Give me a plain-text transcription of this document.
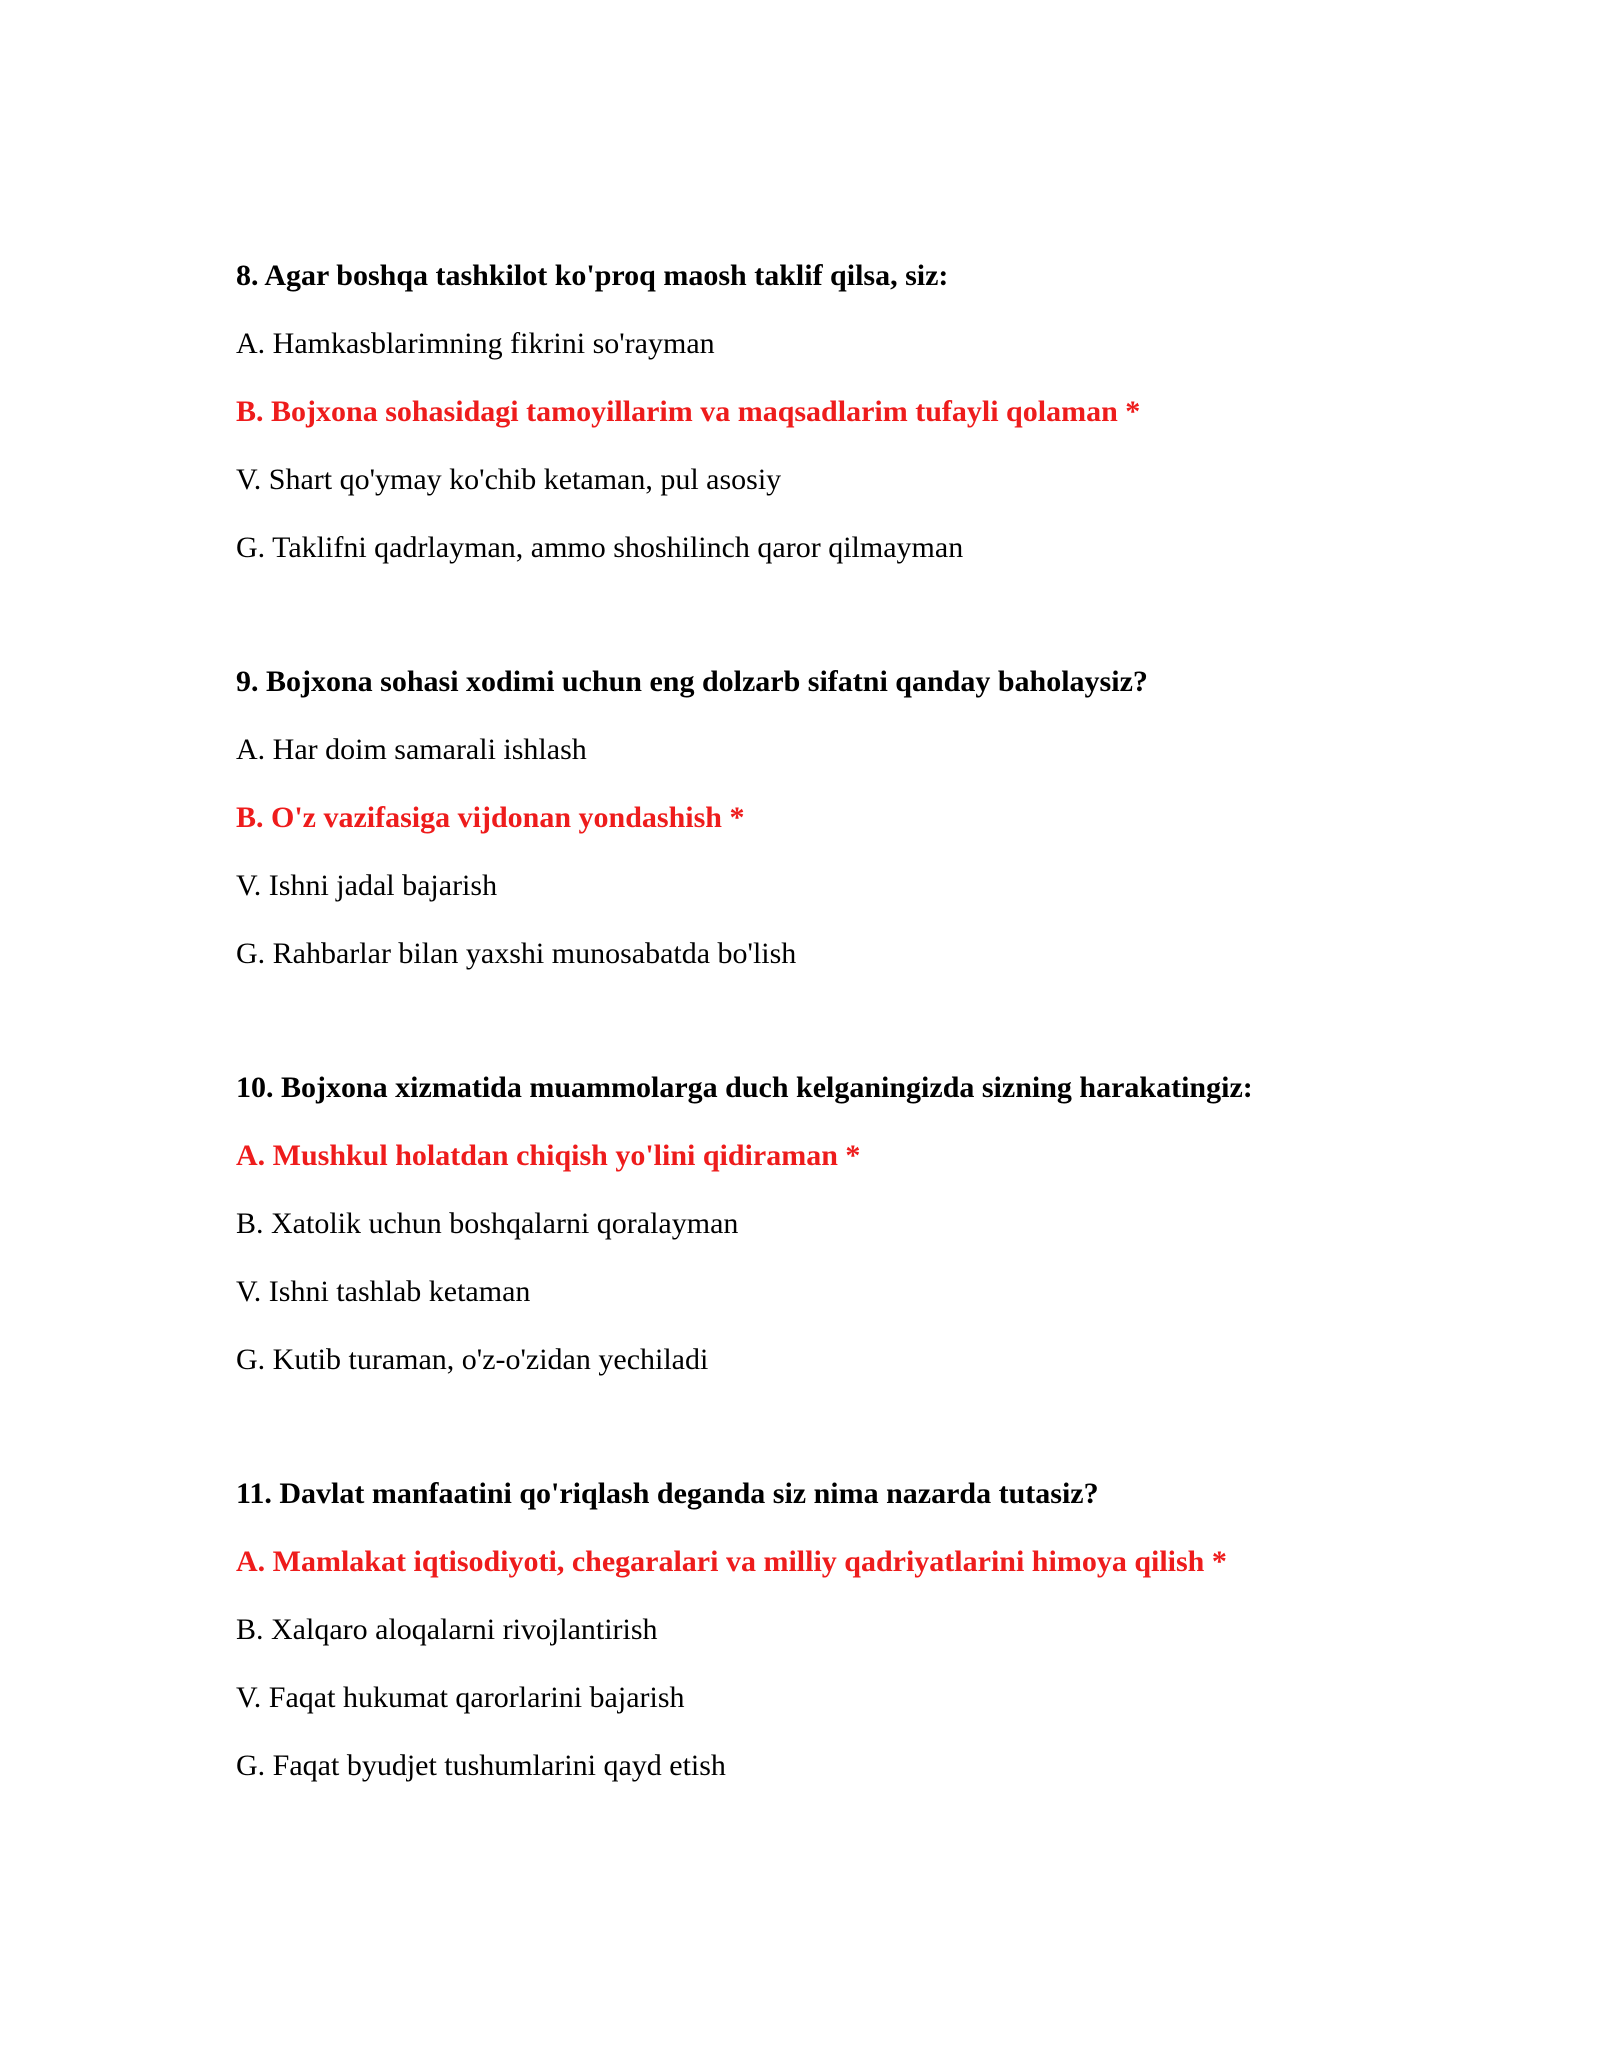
8. Agar boshqa tashkilot ko'proq maosh taklif qilsa, siz:
A. Hamkasblarimning fikrini so'rayman
B. Bojxona sohasidagi tamoyillarim va maqsadlarim tufayli qolaman *
V. Shart qo'ymay ko'chib ketaman, pul asosiy
G. Taklifni qadrlayman, ammo shoshilinch qaror qilmayman
9. Bojxona sohasi xodimi uchun eng dolzarb sifatni qanday baholaysiz?
A. Har doim samarali ishlash
B. O'z vazifasiga vijdonan yondashish *
V. Ishni jadal bajarish
G. Rahbarlar bilan yaxshi munosabatda bo'lish
10. Bojxona xizmatida muammolarga duch kelganingizda sizning harakatingiz:
A. Mushkul holatdan chiqish yo'lini qidiraman *
B. Xatolik uchun boshqalarni qoralayman
V. Ishni tashlab ketaman
G. Kutib turaman, o'z-o'zidan yechiladi
11. Davlat manfaatini qo'riqlash deganda siz nima nazarda tutasiz?
A. Mamlakat iqtisodiyoti, chegaralari va milliy qadriyatlarini himoya qilish *
B. Xalqaro aloqalarni rivojlantirish
V. Faqat hukumat qarorlarini bajarish
G. Faqat byudjet tushumlarini qayd etish
